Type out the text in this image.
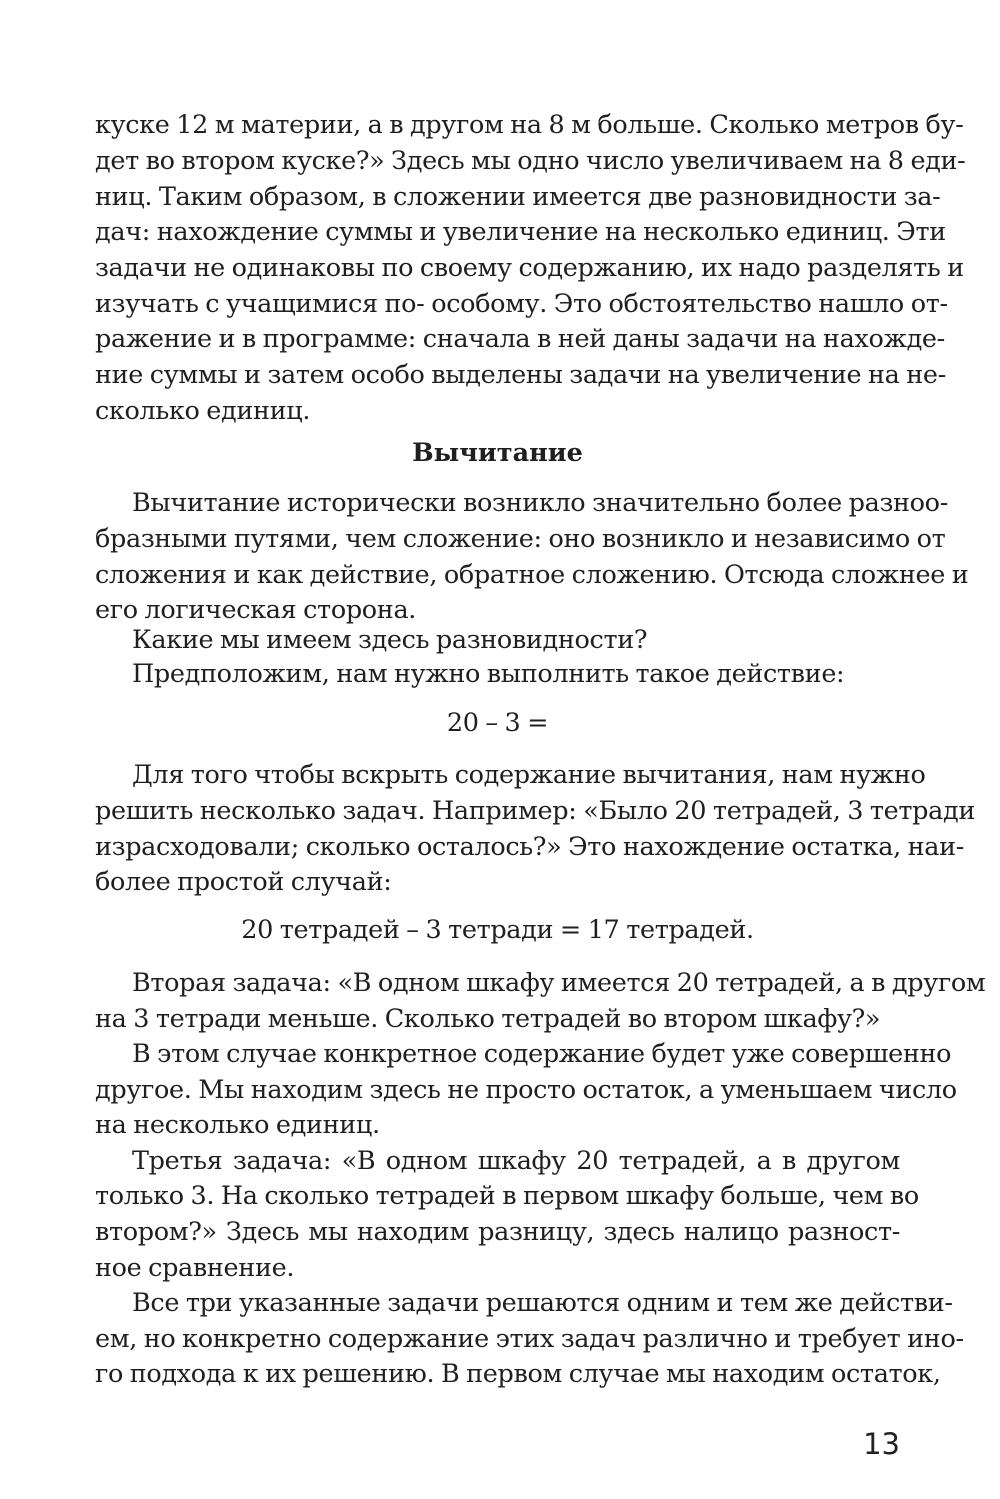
куске 12 м материи, а в другом на 8 м больше. Сколько метров бу-
дет во втором куске?» Здесь мы одно число увеличиваем на 8 еди-
ниц. Таким образом, в сложении имеется две разновидности за-
дач: нахождение суммы и увеличение на несколько единиц. Эти
задачи не одинаковы по своему содержанию, их надо разделять и
изучать с учащимися по- особому. Это обстоятельство нашло от-
ражение и в программе: сначала в ней даны задачи на нахожде-
ние суммы и затем особо выделены задачи на увеличение на не-
сколько единиц.
Вычитание
Вычитание исторически возникло значительно более разноо-
бразными путями, чем сложение: оно возникло и независимо от
сложения и как действие, обратное сложению. Отсюда сложнее и
его логическая сторона.
Какие мы имеем здесь разновидности?
Предположим, нам нужно выполнить такое действие:
20 – 3 =
Для того чтобы вскрыть содержание вычитания, нам нужно
решить несколько задач. Например: «Было 20 тетрадей, 3 тетради
израсходовали; сколько осталось?» Это нахождение остатка, наи-
более простой случай:
20 тетрадей – 3 тетради = 17 тетрадей.
Вторая задача: «В одном шкафу имеется 20 тетрадей, а в другом
на 3 тетради меньше. Сколько тетрадей во втором шкафу?»
В этом случае конкретное содержание будет уже совершенно
другое. Мы находим здесь не просто остаток, а уменьшаем число
на несколько единиц.
Третья задача: «В одном шкафу 20 тетрадей, а в другом
только 3. На сколько тетрадей в первом шкафу больше, чем во
втором?» Здесь мы находим разницу, здесь налицо разност-
ное сравнение.
Все три указанные задачи решаются одним и тем же действи-
ем, но конкретно содержание этих задач различно и требует ино-
го подхода к их решению. В первом случае мы находим остаток,
13
